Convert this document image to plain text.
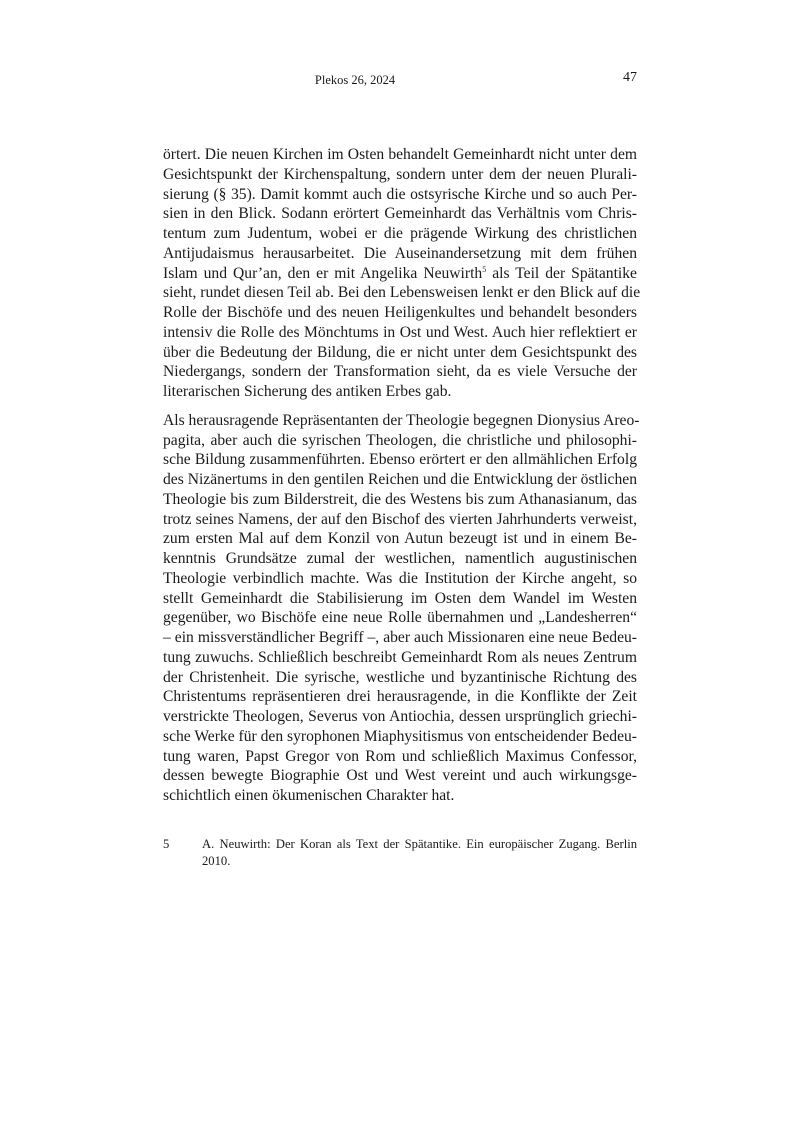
Plekos 26, 2024	47

örtert. Die neuen Kirchen im Osten behandelt Gemeinhardt nicht unter dem
Gesichtspunkt der Kirchenspaltung, sondern unter dem der neuen Plurali-
sierung (§ 35). Damit kommt auch die ostsyrische Kirche und so auch Per-
sien in den Blick. Sodann erörtert Gemeinhardt das Verhältnis vom Chris-
tentum zum Judentum, wobei er die prägende Wirkung des christlichen
Antijudaismus herausarbeitet. Die Auseinandersetzung mit dem frühen
Islam und Qur’an, den er mit Angelika Neuwirth$^5$ als Teil der Spätantike
sieht, rundet diesen Teil ab. Bei den Lebensweisen lenkt er den Blick auf die
Rolle der Bischöfe und des neuen Heiligenkultes und behandelt besonders
intensiv die Rolle des Mönchtums in Ost und West. Auch hier reflektiert er
über die Bedeutung der Bildung, die er nicht unter dem Gesichtspunkt des
Niedergangs, sondern der Transformation sieht, da es viele Versuche der
literarischen Sicherung des antiken Erbes gab.

Als herausragende Repräsentanten der Theologie begegnen Dionysius Areo-
pagita, aber auch die syrischen Theologen, die christliche und philosophi-
sche Bildung zusammenführten. Ebenso erörtert er den allmählichen Erfolg
des Nizänertums in den gentilen Reichen und die Entwicklung der östlichen
Theologie bis zum Bilderstreit, die des Westens bis zum Athanasianum, das
trotz seines Namens, der auf den Bischof des vierten Jahrhunderts verweist,
zum ersten Mal auf dem Konzil von Autun bezeugt ist und in einem Be-
kenntnis Grundsätze zumal der westlichen, namentlich augustinischen
Theologie verbindlich machte. Was die Institution der Kirche angeht, so
stellt Gemeinhardt die Stabilisierung im Osten dem Wandel im Westen
gegenüber, wo Bischöfe eine neue Rolle übernahmen und „Landesherren“
– ein missverständlicher Begriff –, aber auch Missionaren eine neue Bedeu-
tung zuwuchs. Schließlich beschreibt Gemeinhardt Rom als neues Zentrum
der Christenheit. Die syrische, westliche und byzantinische Richtung des
Christentums repräsentieren drei herausragende, in die Konflikte der Zeit
verstrickte Theologen, Severus von Antiochia, dessen ursprünglich griechi-
sche Werke für den syrophonen Miaphysitismus von entscheidender Bedeu-
tung waren, Papst Gregor von Rom und schließlich Maximus Confessor,
dessen bewegte Biographie Ost und West vereint und auch wirkungsge-
schichtlich einen ökumenischen Charakter hat.

5	A. Neuwirth: Der Koran als Text der Spätantike. Ein europäischer Zugang. Berlin
2010.
